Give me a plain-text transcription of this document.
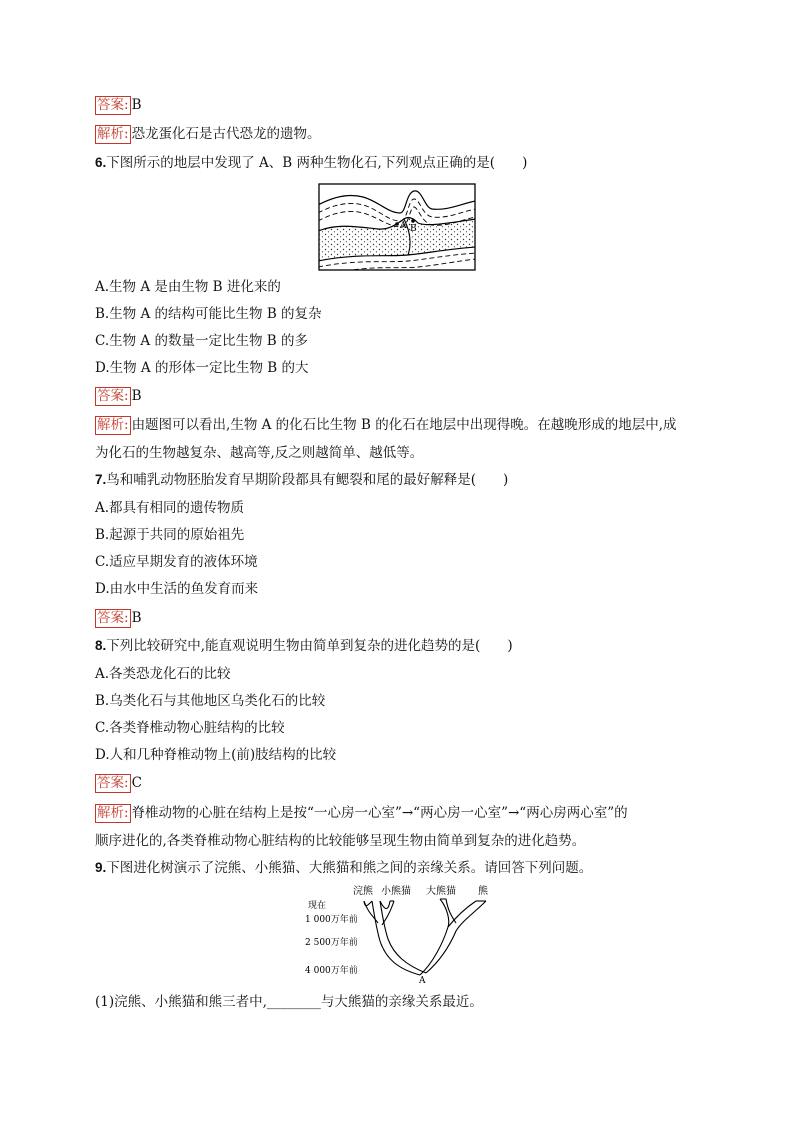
答案: B
解析: 恐龙蛋化石是古代恐龙的遗物。
6.下图所示的地层中发现了 A、B 两种生物化石,下列观点正确的是(　　)
A B
A.生物 A 是由生物 B 进化来的
B.生物 A 的结构可能比生物 B 的复杂
C.生物 A 的数量一定比生物 B 的多
D.生物 A 的形体一定比生物 B 的大
答案: B
解析: 由题图可以看出,生物 A 的化石比生物 B 的化石在地层中出现得晚。在越晚形成的地层中,成
为化石的生物越复杂、越高等,反之则越简单、越低等。
7.鸟和哺乳动物胚胎发育早期阶段都具有鳃裂和尾的最好解释是(　　)
A.都具有相同的遗传物质
B.起源于共同的原始祖先
C.适应早期发育的液体环境
D.由水中生活的鱼发育而来
答案: B
8.下列比较研究中,能直观说明生物由简单到复杂的进化趋势的是(　　)
A.各类恐龙化石的比较
B.乌类化石与其他地区乌类化石的比较
C.各类脊椎动物心脏结构的比较
D.人和几种脊椎动物上(前)肢结构的比较
答案: C
解析: 脊椎动物的心脏在结构上是按“一心房一心室”→“两心房一心室”→“两心房两心室”的
顺序进化的,各类脊椎动物心脏结构的比较能够呈现生物由简单到复杂的进化趋势。
9.下图进化树演示了浣熊、小熊猫、大熊猫和熊之间的亲缘关系。请回答下列问题。
浣熊 小熊猫 大熊猫 熊
现在
1 000万年前
2 500万年前
4 000万年前
A
(1)浣熊、小熊猫和熊三者中,________与大熊猫的亲缘关系最近。
